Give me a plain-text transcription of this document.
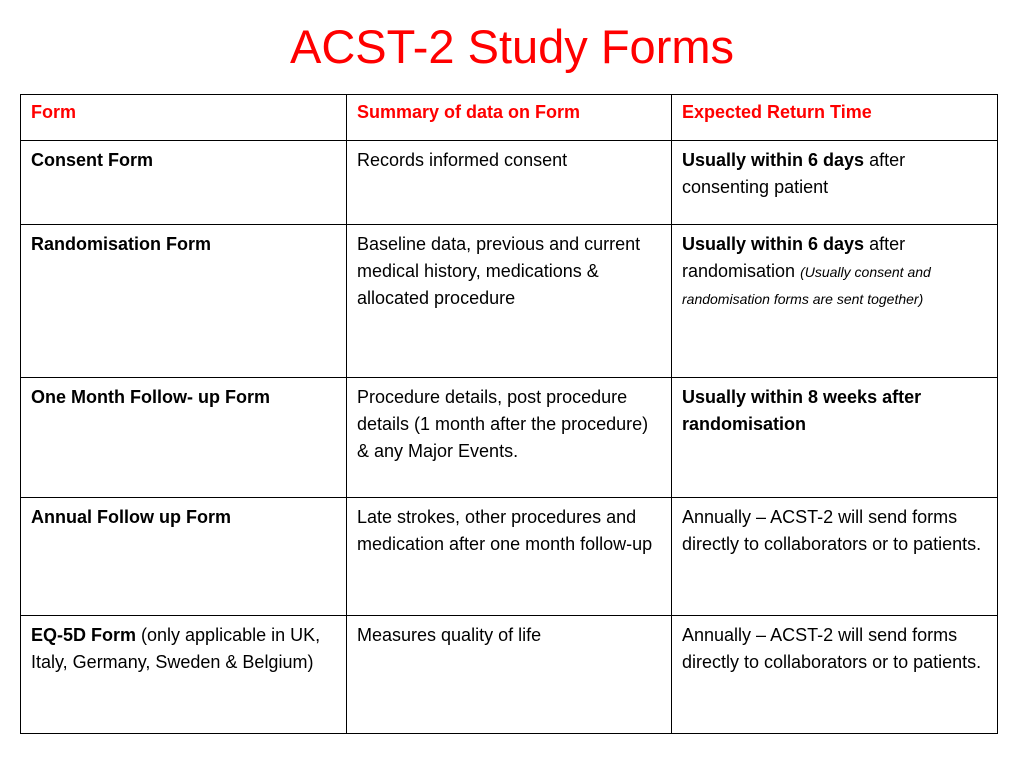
ACST-2 Study Forms
Form	Summary of data on Form	Expected Return Time
Consent Form	Records informed consent	Usually within 6 days after consenting patient
Randomisation Form	Baseline data, previous and current medical history, medications & allocated procedure	Usually within 6 days after randomisation (Usually consent and randomisation forms are sent together)
One Month Follow- up Form	Procedure details, post procedure details (1 month after the procedure) & any Major Events.	Usually within 8 weeks after randomisation
Annual Follow up Form	Late strokes, other procedures and medication after one month follow-up	Annually – ACST-2 will send forms directly to collaborators or to patients.
EQ-5D Form (only applicable in UK, Italy, Germany, Sweden & Belgium)	Measures quality of life	Annually – ACST-2 will send forms directly to collaborators or to patients.
